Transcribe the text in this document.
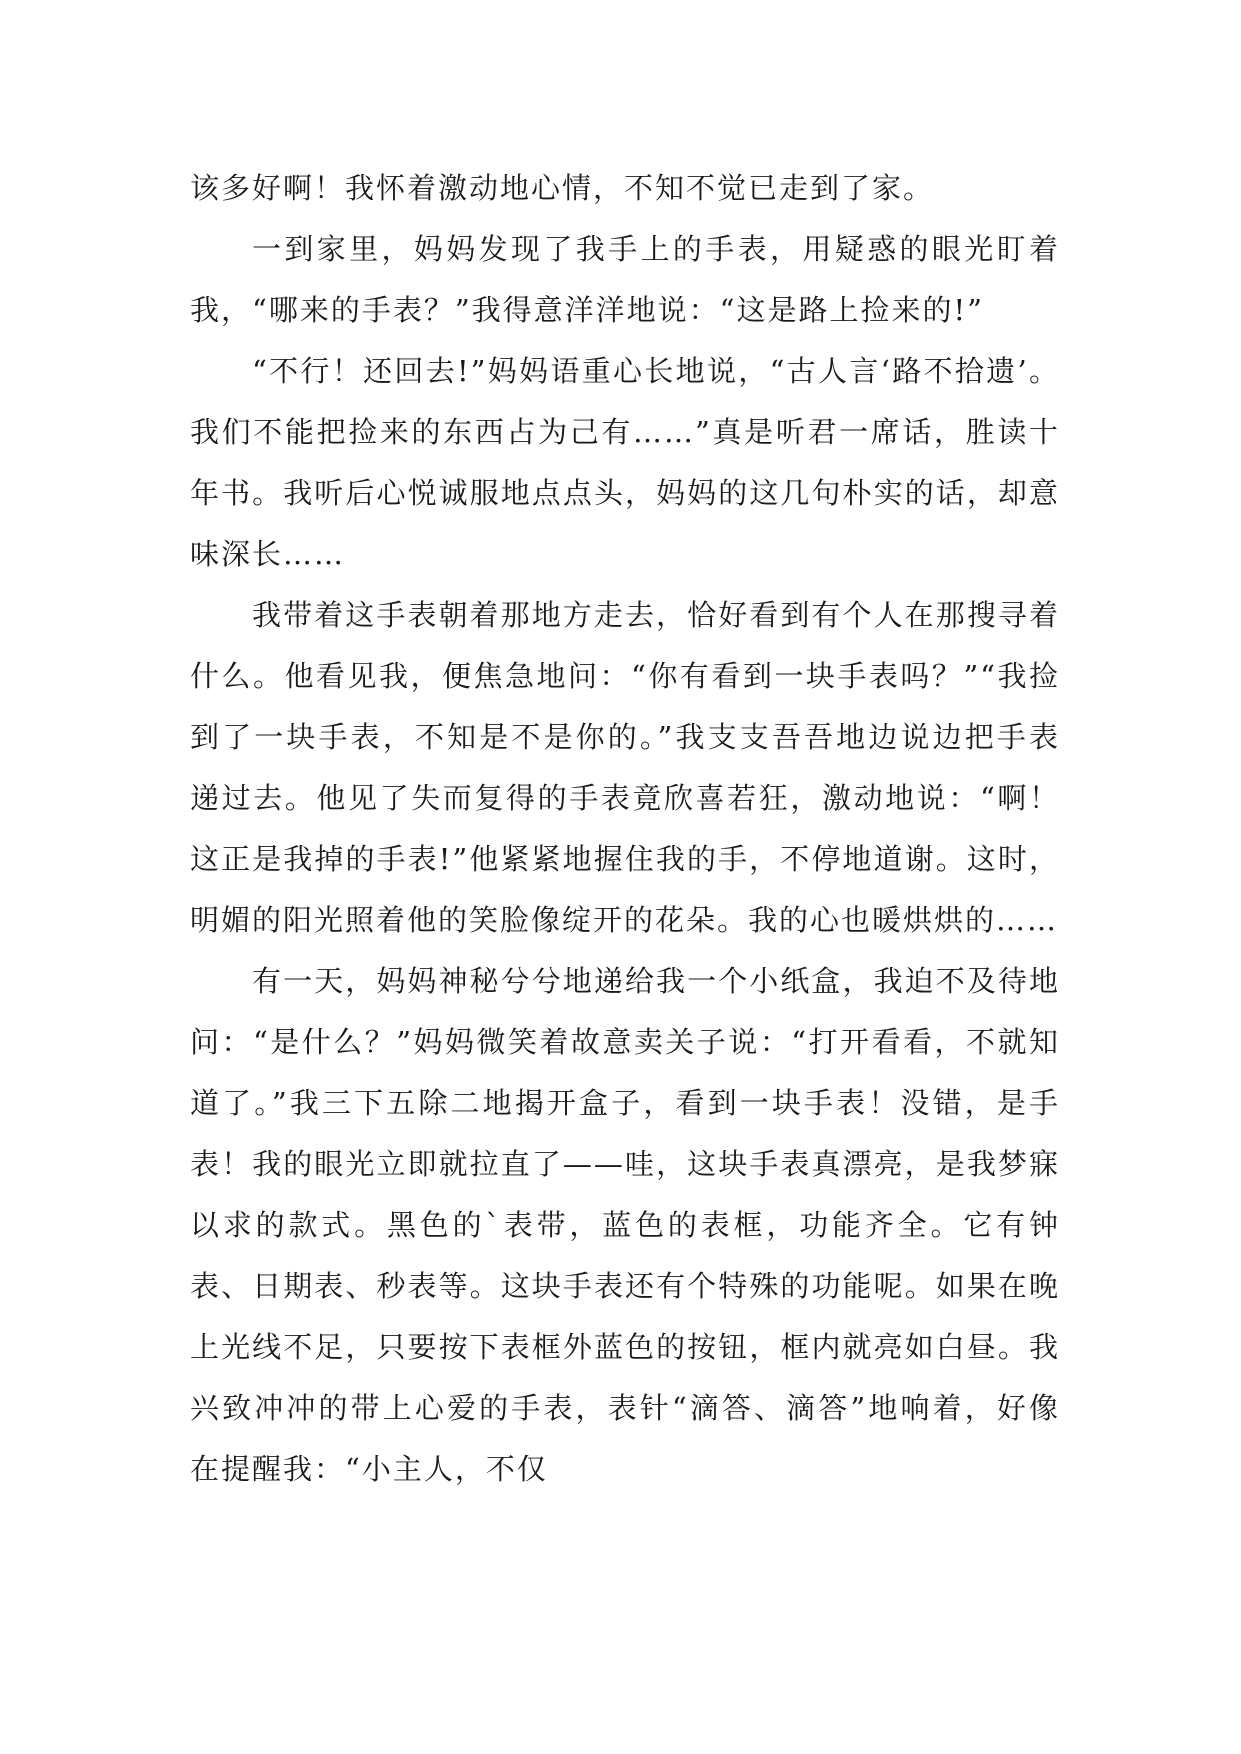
该多好啊！我怀着激动地心情，不知不觉已走到了家。

一到家里，妈妈发现了我手上的手表，用疑惑的眼光盯着我，“哪来的手表？”我得意洋洋地说：“这是路上捡来的!”

“不行！还回去!”妈妈语重心长地说，“古人言‘路不拾遗’。我们不能把捡来的东西占为己有……”真是听君一席话，胜读十年书。我听后心悦诚服地点点头，妈妈的这几句朴实的话，却意味深长……

我带着这手表朝着那地方走去，恰好看到有个人在那搜寻着什么。他看见我，便焦急地问：“你有看到一块手表吗？”“我捡到了一块手表，不知是不是你的。”我支支吾吾地边说边把手表递过去。他见了失而复得的手表竟欣喜若狂，激动地说：“啊！这正是我掉的手表!”他紧紧地握住我的手，不停地道谢。这时，明媚的阳光照着他的笑脸像绽开的花朵。我的心也暖烘烘的……

有一天，妈妈神秘兮兮地递给我一个小纸盒，我迫不及待地问：“是什么？”妈妈微笑着故意卖关子说：“打开看看，不就知道了。”我三下五除二地揭开盒子，看到一块手表！没错，是手表！我的眼光立即就拉直了——哇，这块手表真漂亮，是我梦寐以求的款式。黑色的`表带，蓝色的表框，功能齐全。它有钟表、日期表、秒表等。这块手表还有个特殊的功能呢。如果在晚上光线不足，只要按下表框外蓝色的按钮，框内就亮如白昼。我兴致冲冲的带上心爱的手表，表针“滴答、滴答”地响着，好像在提醒我：“小主人，不仅
